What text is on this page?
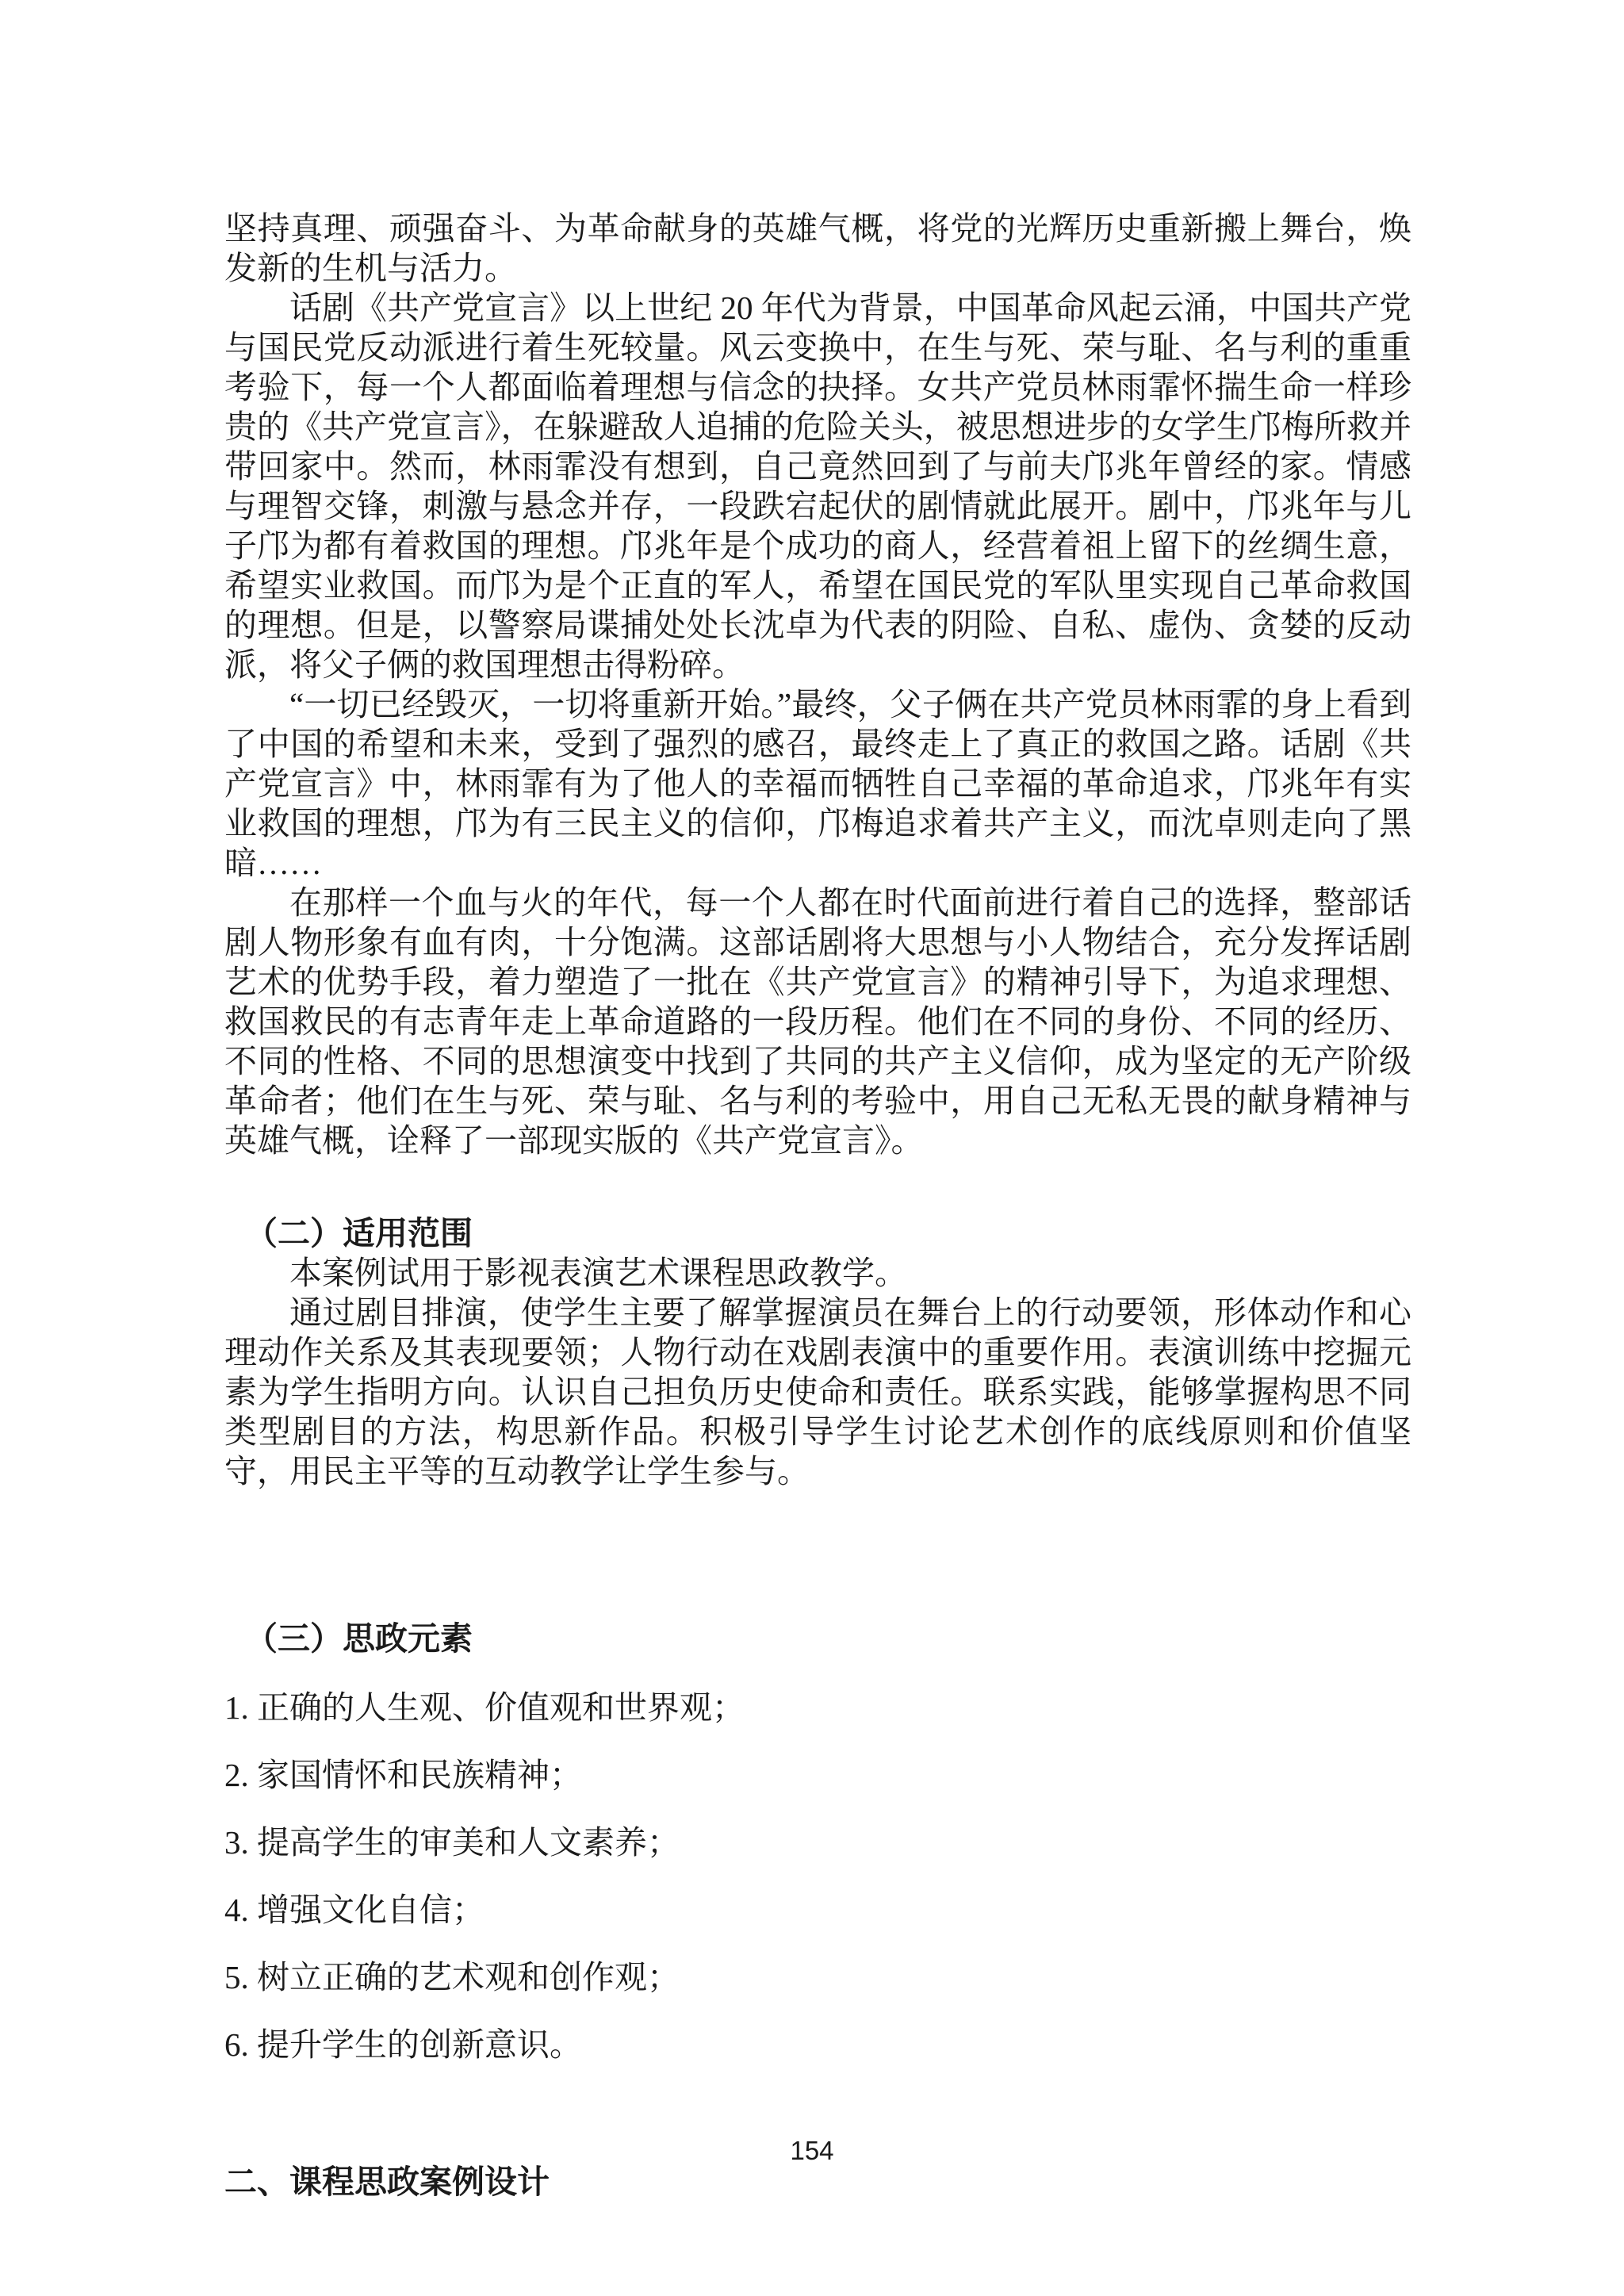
坚持真理、顽强奋斗、为革命献身的英雄气概，将党的光辉历史重新搬上舞台，焕发新的生机与活力。

话剧《共产党宣言》以上世纪 20 年代为背景，中国革命风起云涌，中国共产党与国民党反动派进行着生死较量。风云变换中，在生与死、荣与耻、名与利的重重考验下，每一个人都面临着理想与信念的抉择。女共产党员林雨霏怀揣生命一样珍贵的《共产党宣言》，在躲避敌人追捕的危险关头，被思想进步的女学生邝梅所救并带回家中。然而，林雨霏没有想到，自己竟然回到了与前夫邝兆年曾经的家。情感与理智交锋，刺激与悬念并存，一段跌宕起伏的剧情就此展开。剧中，邝兆年与儿子邝为都有着救国的理想。邝兆年是个成功的商人，经营着祖上留下的丝绸生意，希望实业救国。而邝为是个正直的军人，希望在国民党的军队里实现自己革命救国的理想。但是，以警察局谍捕处处长沈卓为代表的阴险、自私、虚伪、贪婪的反动派，将父子俩的救国理想击得粉碎。

“一切已经毁灭，一切将重新开始。”最终，父子俩在共产党员林雨霏的身上看到了中国的希望和未来，受到了强烈的感召，最终走上了真正的救国之路。话剧《共产党宣言》中，林雨霏有为了他人的幸福而牺牲自己幸福的革命追求，邝兆年有实业救国的理想，邝为有三民主义的信仰，邝梅追求着共产主义，而沈卓则走向了黑暗……

在那样一个血与火的年代，每一个人都在时代面前进行着自己的选择，整部话剧人物形象有血有肉，十分饱满。这部话剧将大思想与小人物结合，充分发挥话剧艺术的优势手段，着力塑造了一批在《共产党宣言》的精神引导下，为追求理想、救国救民的有志青年走上革命道路的一段历程。他们在不同的身份、不同的经历、不同的性格、不同的思想演变中找到了共同的共产主义信仰，成为坚定的无产阶级革命者；他们在生与死、荣与耻、名与利的考验中，用自己无私无畏的献身精神与英雄气概，诠释了一部现实版的《共产党宣言》。

（二）适用范围

本案例试用于影视表演艺术课程思政教学。

通过剧目排演，使学生主要了解掌握演员在舞台上的行动要领，形体动作和心理动作关系及其表现要领；人物行动在戏剧表演中的重要作用。表演训练中挖掘元素为学生指明方向。认识自己担负历史使命和责任。联系实践，能够掌握构思不同类型剧目的方法，构思新作品。积极引导学生讨论艺术创作的底线原则和价值坚守，用民主平等的互动教学让学生参与。

（三）思政元素

1. 正确的人生观、价值观和世界观；

2. 家国情怀和民族精神；

3. 提高学生的审美和人文素养；

4. 增强文化自信；

5. 树立正确的艺术观和创作观；

6. 提升学生的创新意识。

二、课程思政案例设计
154
